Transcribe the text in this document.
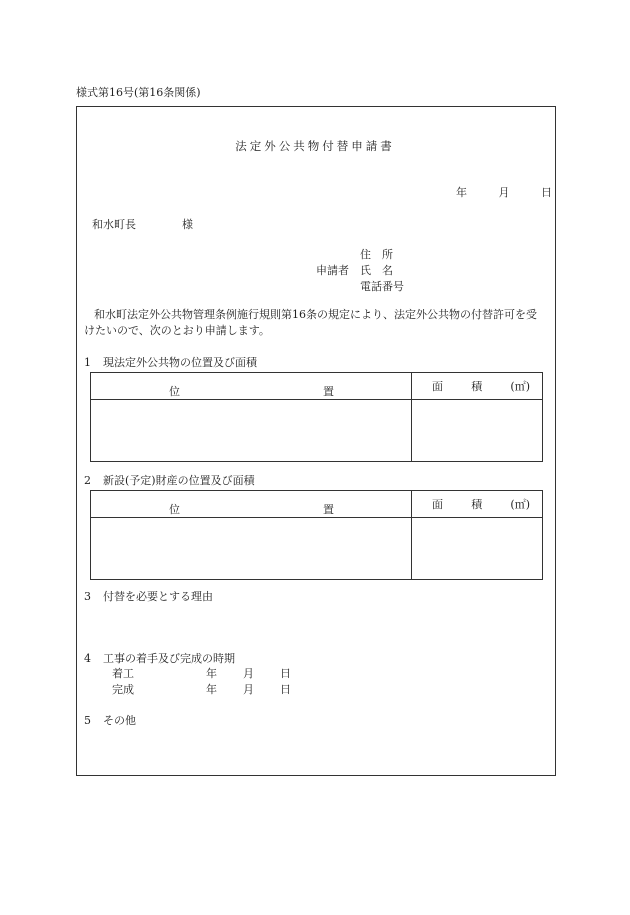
様式第16号(第16条関係)
法定外公共物付替申請書
年	月	日
和水町長	様
住　所
申請者 氏　名
電話番号
和水町法定外公共物管理条例施行規則第16条の規定により、法定外公共物の付替許可を受けたいので、次のとおり申請します。
1 現法定外公共物の位置及び面積
位 置	面 積 (㎡)

2 新設(予定)財産の位置及び面積
位 置	面 積 (㎡)

3 付替を必要とする理由
4 工事の着手及び完成の時期
着工	年 月 日
完成	年 月 日
5 その他
